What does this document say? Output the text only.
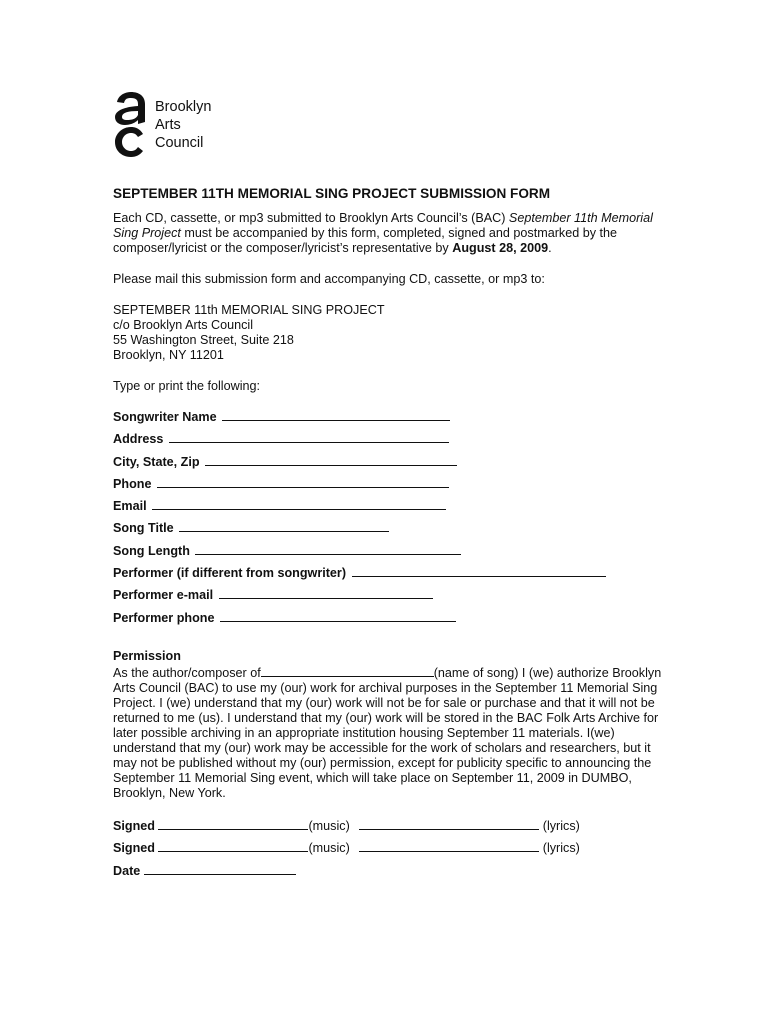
Brooklyn
Arts
Council
SEPTEMBER 11TH MEMORIAL SING PROJECT SUBMISSION FORM

Each CD, cassette, or mp3 submitted to Brooklyn Arts Council’s (BAC) September 11th Memorial Sing Project must be accompanied by this form, completed, signed and postmarked by the composer/lyricist or the composer/lyricist’s representative by August 28, 2009.

Please mail this submission form and accompanying CD, cassette, or mp3 to:

SEPTEMBER 11th MEMORIAL SING PROJECT
c/o Brooklyn Arts Council
55 Washington Street, Suite 218
Brooklyn, NY 11201

Type or print the following:

Songwriter Name
Address
City, State, Zip
Phone
Email
Song Title
Song Length
Performer (if different from songwriter)
Performer e-mail
Performer phone
Permission

As the author/composer of	(name of song) I (we) authorize Brooklyn Arts Council (BAC) to use my (our) work for archival purposes in the September 11 Memorial Sing Project. I (we) understand that my (our) work will not be for sale or purchase and that it will not be returned to me (us). I understand that my (our) work will be stored in the BAC Folk Arts Archive for later possible archiving in an appropriate institution housing September 11 materials. I(we) understand that my (our) work may be accessible for the work of scholars and researchers, but it may not be published without my (our) permission, except for publicity specific to announcing the September 11 Memorial Sing event, which will take place on September 11, 2009 in DUMBO, Brooklyn, New York.

Signed	(music)	(lyrics)
Signed	(music)	(lyrics)
Date
